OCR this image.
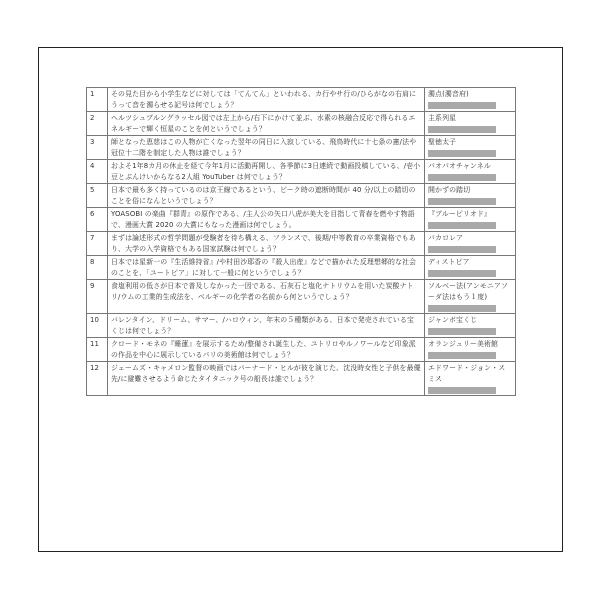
1	その見た目から小学生などに対しては「てんてん」といわれる、カ行やサ行の/ひらがなの右肩にうって音を濁らせる記号は何でしょう？	濁点(濁音府)

2	ヘルツシュプルングラッセル図では左上から/右下にかけて並ぶ、水素の核融合反応で得られるエネルギーで輝く恒星のことを何というでしょう？	主系列星

3	師となった恵慈はこの人物が亡くなった翌年の同日に入寂している、飛鳥時代に十七条の憲/法や冠位十二階を制定した人物は誰でしょう？	聖徳太子

4	およそ1年8カ月の休止を経て今年1月に活動再開し、各季節に3日連続で動画投稿している、/壱小豆とぶんけいからなる2人組 YouTuber は何でしょう？	パオパオチャンネル

5	日本で最も多く持っているのは京王線であるという、ピーク時の遮断時間が 40 分/以上の踏切のことを俗になんというでしょう？	開かずの踏切

6	YOASOBI の楽曲『群青』の原作である、/主人公の矢口八虎が美大を目指して青春を燃やす物語で、漫画大賞 2020 の大賞にもなった漫画は何でしょう。	『ブルーピリオド』

7	まずは論述形式の哲学問題が受験者を待ち構える、フランスで、後期/中等教育の卒業資格でもあり、大学の入学資格でもある国家試験は何でしょう？	バカロレア

8	日本では星新一の『生活維持省』/や村田沙耶香の『殺人出産』などで描かれた反理想郷的な社会のことを、「ユートピア」に対して一般に何というでしょう？	ディストピア

9	食塩利用の低さが日本で普及しなかった一因である、石灰石と塩化ナトリウムを用いた炭酸ナトリ/ウムの工業的生成法を、ベルギーの化学者の名前から何というでしょう？	ソルベー法(アンモニアソーダ法はもう１度)

10	バレンタイン、ドリーム、サマー、/ハロウィン、年末の５種類がある、日本で発売されている宝くじは何でしょう？	ジャンボ宝くじ

11	クロード・モネの『睡蓮』を展示するため/整備され誕生した、ユトリロやルノワールなど印象派の作品を中心に展示しているパリの美術館は何でしょう？	オランジュリー美術館

12	ジェームズ・キャメロン監督の映画ではバーナード・ヒルが彼を演じた、沈没時女性と子供を最優先/に避難させるよう命じたタイタニック号の船長は誰でしょう？	エドワード・ジョン・スミス
